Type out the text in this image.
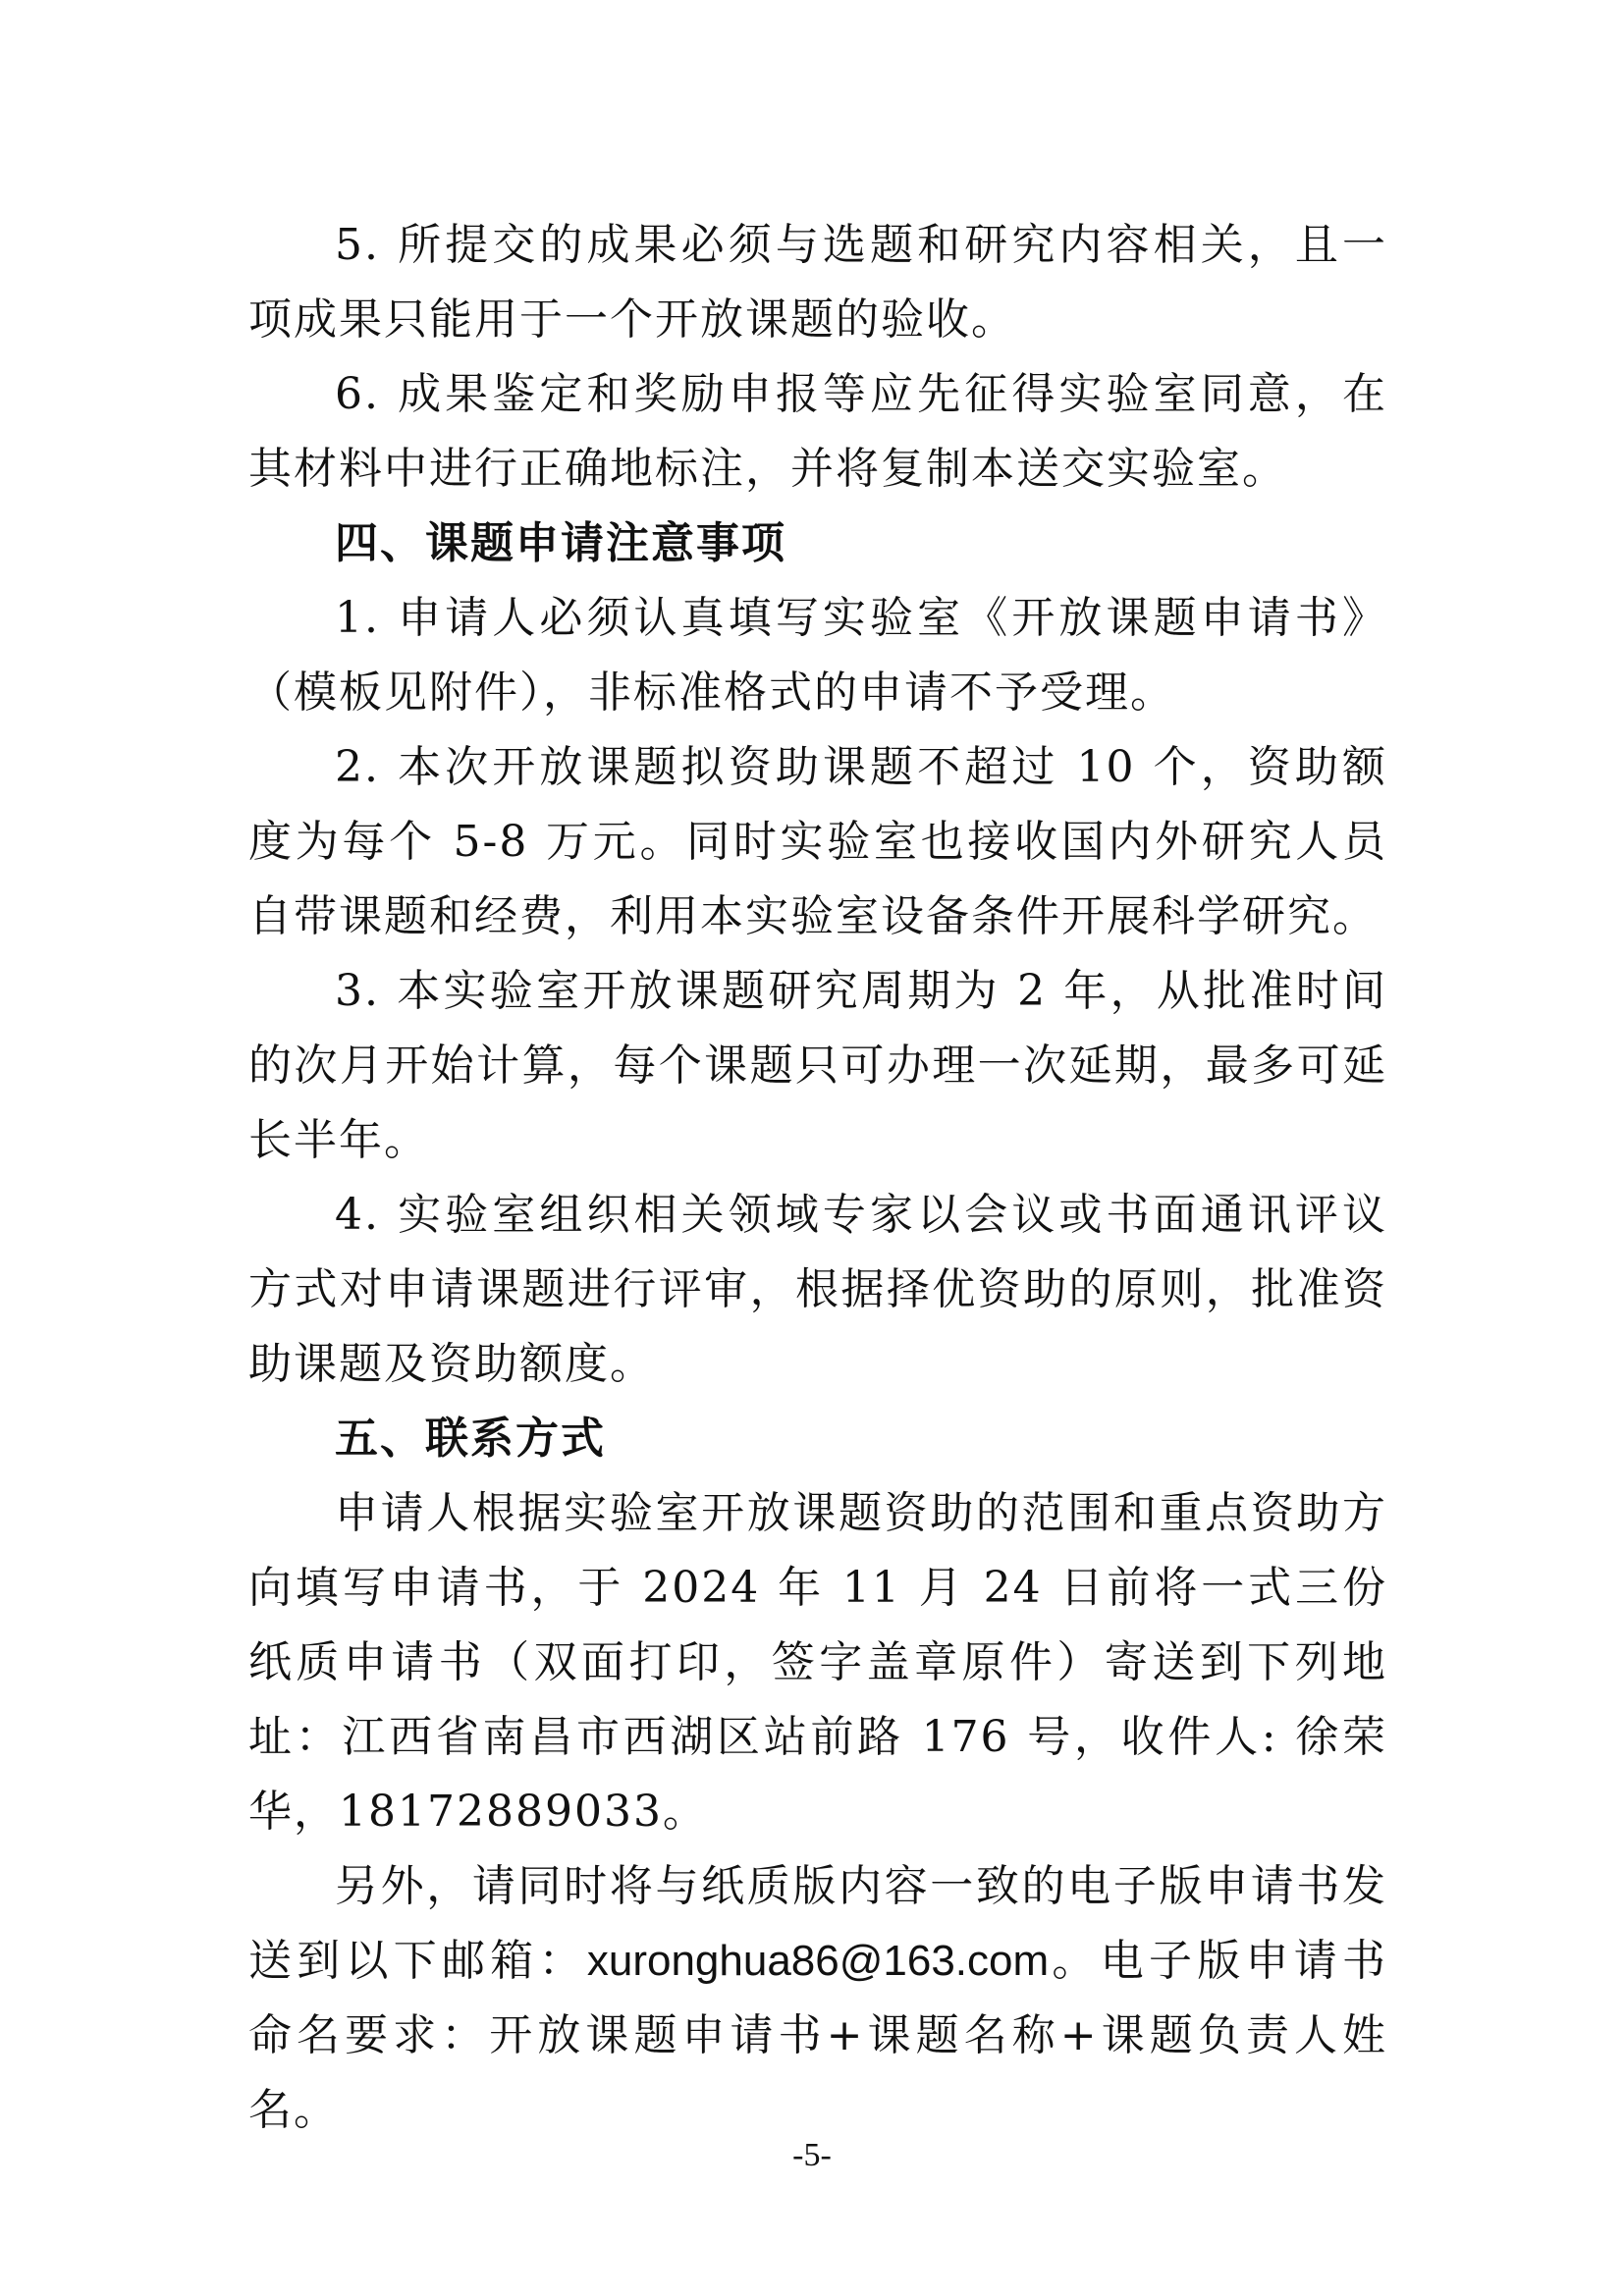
5. 所提交的成果必须与选题和研究内容相关，且一项成果只能用于一个开放课题的验收。

6. 成果鉴定和奖励申报等应先征得实验室同意，在其材料中进行正确地标注，并将复制本送交实验室。

四、课题申请注意事项

1. 申请人必须认真填写实验室《开放课题申请书》（模板见附件），非标准格式的申请不予受理。

2. 本次开放课题拟资助课题不超过 10 个，资助额度为每个 5-8 万元。同时实验室也接收国内外研究人员自带课题和经费，利用本实验室设备条件开展科学研究。

3. 本实验室开放课题研究周期为 2 年，从批准时间的次月开始计算，每个课题只可办理一次延期，最多可延长半年。

4. 实验室组织相关领域专家以会议或书面通讯评议方式对申请课题进行评审，根据择优资助的原则，批准资助课题及资助额度。

五、联系方式

申请人根据实验室开放课题资助的范围和重点资助方向填写申请书，于 2024 年 11 月 24 日前将一式三份纸质申请书（双面打印，签字盖章原件）寄送到下列地址：江西省南昌市西湖区站前路 176 号，收件人: 徐荣华，18172889033。

另外，请同时将与纸质版内容一致的电子版申请书发送到以下邮箱：xuronghua86@163.com。电子版申请书命名要求：开放课题申请书+课题名称+课题负责人姓名。

-5-
